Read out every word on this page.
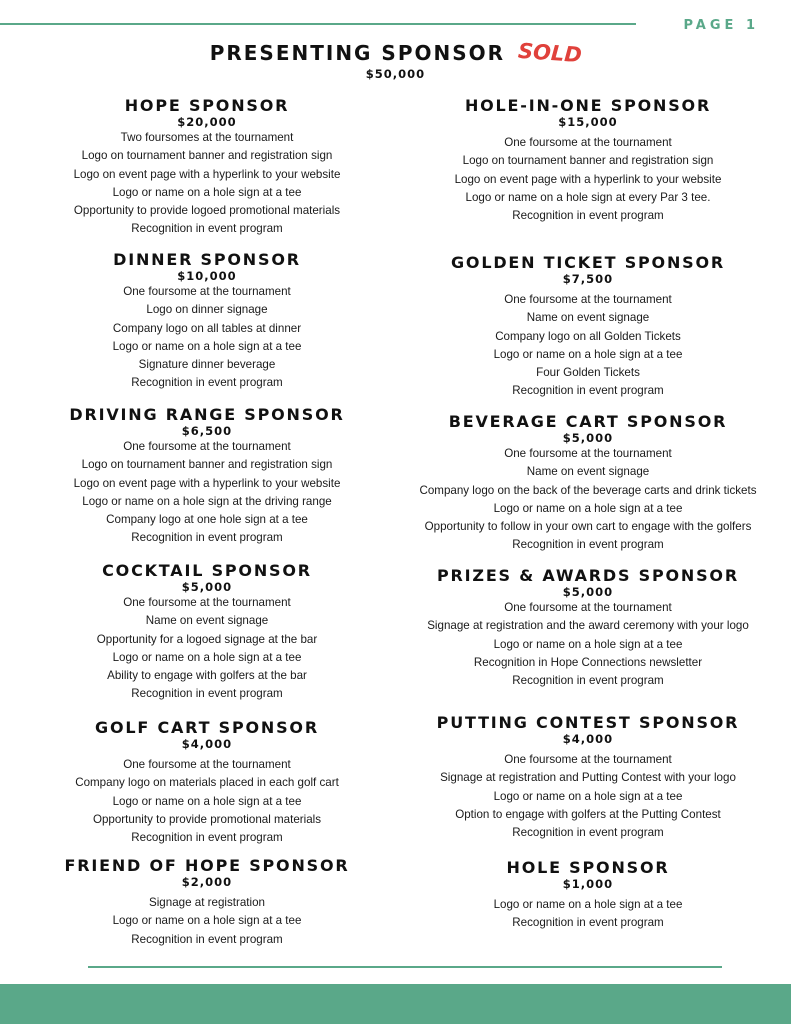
PAGE 1
PRESENTING SPONSOR SOLD
$50,000
HOPE SPONSOR
$20,000
Two foursomes at the tournament
Logo on tournament banner and registration sign
Logo on event page with a hyperlink to your website
Logo or name on a hole sign at a tee
Opportunity to provide logoed promotional materials
Recognition in event program
DINNER SPONSOR
$10,000
One foursome at the tournament
Logo on dinner signage
Company logo on all tables at dinner
Logo or name on a hole sign at a tee
Signature dinner beverage
Recognition in event program
DRIVING RANGE SPONSOR
$6,500
One foursome at the tournament
Logo on tournament banner and registration sign
Logo on event page with a hyperlink to your website
Logo or name on a hole sign at the driving range
Company logo at one hole sign at a tee
Recognition in event program
COCKTAIL SPONSOR
$5,000
One foursome at the tournament
Name on event signage
Opportunity for a logoed signage at the bar
Logo or name on a hole sign at a tee
Ability to engage with golfers at the bar
Recognition in event program
GOLF CART SPONSOR
$4,000
One foursome at the tournament
Company logo on materials placed in each golf cart
Logo or name on a hole sign at a tee
Opportunity to provide promotional materials
Recognition in event program
FRIEND OF HOPE SPONSOR
$2,000
Signage at registration
Logo or name on a hole sign at a tee
Recognition in event program
HOLE-IN-ONE SPONSOR
$15,000
One foursome at the tournament
Logo on tournament banner and registration sign
Logo on event page with a hyperlink to your website
Logo or name on a hole sign at every Par 3 tee.
Recognition in event program
GOLDEN TICKET SPONSOR
$7,500
One foursome at the tournament
Name on event signage
Company logo on all Golden Tickets
Logo or name on a hole sign at a tee
Four Golden Tickets
Recognition in event program
BEVERAGE CART SPONSOR
$5,000
One foursome at the tournament
Name on event signage
Company logo on the back of the beverage carts and drink tickets
Logo or name on a hole sign at a tee
Opportunity to follow in your own cart to engage with the golfers
Recognition in event program
PRIZES & AWARDS SPONSOR
$5,000
One foursome at the tournament
Signage at registration and the award ceremony with your logo
Logo or name on a hole sign at a tee
Recognition in Hope Connections newsletter
Recognition in event program
PUTTING CONTEST SPONSOR
$4,000
One foursome at the tournament
Signage at registration and Putting Contest with your logo
Logo or name on a hole sign at a tee
Option to engage with golfers at the Putting Contest
Recognition in event program
HOLE SPONSOR
$1,000
Logo or name on a hole sign at a tee
Recognition in event program
